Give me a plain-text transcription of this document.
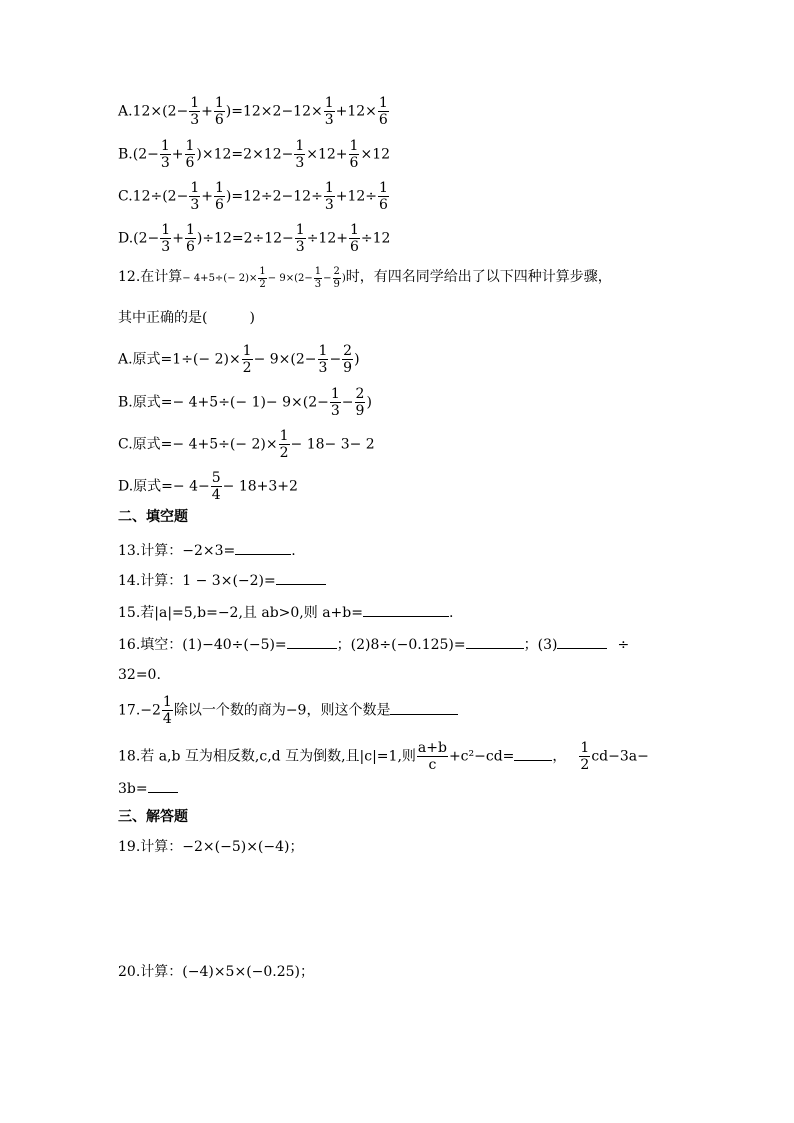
$A.12\times(2- \frac{1}{3} + \frac{1}{6} )=12\times 2-12\times \frac{1}{3} +12\times \frac{1}{6}$
$B.(2- \frac{1}{3} + \frac{1}{6} )\times 12=2\times 12- \frac{1}{3} \times 12+ \frac{1}{6} \times 12$
$C.12\div(2- \frac{1}{3} + \frac{1}{6} )=12\div 2-12\div \frac{1}{3} +12\div \frac{1}{6}$
$D.(2- \frac{1}{3} + \frac{1}{6} )\div 12=2\div 12- \frac{1}{3} \div 12+ \frac{1}{6} \div 12$
12.在计算− $4+5\div(- 2)\times \frac{1}{2} - 9\times(2- \frac{1}{3} - \frac{2}{9}$ )时，有四名同学给出了以下四种计算步骤，
其中正确的是(　　　)
A.原式$=1\div(- 2)\times \frac{1}{2} - 9\times(2- \frac{1}{3} - \frac{2}{9}$ )
B.原式=− $4+5\div(- 1)- 9\times(2- \frac{1}{3} - \frac{2}{9}$ )
C.原式=− $4+5\div(- 2)\times \frac{1}{2} - 18- 3- 2$
D.原式=− $4- \frac{5}{4} - 18+3+2$
二、填空题
13.计算：−2×3=	.
14.计算：1 − 3×(−2)=
15.若|a|=5,b=−2,且 ab>0,则 a+b=	.
16.填空：(1)−40÷(−5)=	；(2)8÷(−0.125)=	；(3)	÷
32=0.
$17.-2 \frac{1}{4}$ 除以一个数的商为−9，则这个数是
18.若 a,b 互为相反数,c,d 互为倒数,且|c|=1,则 $\frac{a+b}{c} +c^2-cd=$	， $\frac{1}{2} cd-3a-$
3b=
三、解答题
19.计算：−2×(−5)×(−4)；
20.计算：(−4)×5×(−0.25)；
